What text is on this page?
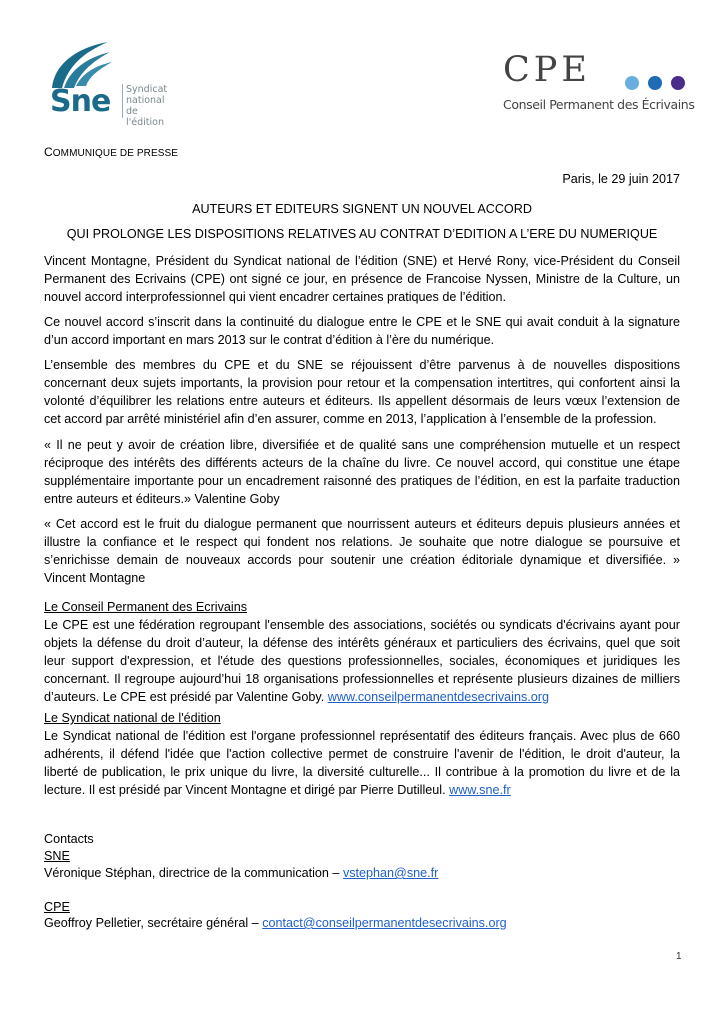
Sne Syndicat
national
de l'édition
CPE
Conseil Permanent des Écrivains
COMMUNIQUE DE PRESSE
Paris, le 29 juin 2017
AUTEURS ET EDITEURS SIGNENT UN NOUVEL ACCORD
QUI PROLONGE LES DISPOSITIONS RELATIVES AU CONTRAT D’EDITION A L’ERE DU NUMERIQUE
Vincent Montagne, Président du Syndicat national de l’édition (SNE) et Hervé Rony, vice-Président du Conseil Permanent des Ecrivains (CPE) ont signé ce jour, en présence de Francoise Nyssen, Ministre de la Culture, un nouvel accord interprofessionnel qui vient encadrer certaines pratiques de l’édition.
Ce nouvel accord s’inscrit dans la continuité du dialogue entre le CPE et le SNE qui avait conduit à la signature d’un accord important en mars 2013 sur le contrat d’édition à l’ère du numérique.
L’ensemble des membres du CPE et du SNE se réjouissent d’être parvenus à de nouvelles dispositions concernant deux sujets importants, la provision pour retour et la compensation intertitres, qui confortent ainsi la volonté d’équilibrer les relations entre auteurs et éditeurs. Ils appellent désormais de leurs vœux l’extension de cet accord par arrêté ministériel afin d’en assurer, comme en 2013, l’application à l’ensemble de la profession.
« Il ne peut y avoir de création libre, diversifiée et de qualité sans une compréhension mutuelle et un respect réciproque des intérêts des différents acteurs de la chaîne du livre. Ce nouvel accord, qui constitue une étape supplémentaire importante pour un encadrement raisonné des pratiques de l’édition, en est la parfaite traduction entre auteurs et éditeurs.» Valentine Goby
« Cet accord est le fruit du dialogue permanent que nourrissent auteurs et éditeurs depuis plusieurs années et illustre la confiance et le respect qui fondent nos relations. Je souhaite que notre dialogue se poursuive et s’enrichisse demain de nouveaux accords pour soutenir une création éditoriale dynamique et diversifiée. » Vincent Montagne
Le Conseil Permanent des Ecrivains
Le CPE est une fédération regroupant l'ensemble des associations, sociétés ou syndicats d'écrivains ayant pour objets la défense du droit d’auteur, la défense des intérêts généraux et particuliers des écrivains, quel que soit leur support d'expression, et l'étude des questions professionnelles, sociales, économiques et juridiques les concernant. Il regroupe aujourd’hui 18 organisations professionnelles et représente plusieurs dizaines de milliers d’auteurs. Le CPE est présidé par Valentine Goby. www.conseilpermanentdesecrivains.org
Le Syndicat national de l'édition
Le Syndicat national de l'édition est l'organe professionnel représentatif des éditeurs français. Avec plus de 660 adhérents, il défend l'idée que l'action collective permet de construire l'avenir de l'édition, le droit d'auteur, la liberté de publication, le prix unique du livre, la diversité culturelle... Il contribue à la promotion du livre et de la lecture. Il est présidé par Vincent Montagne et dirigé par Pierre Dutilleul. www.sne.fr
Contacts
SNE
Véronique Stéphan, directrice de la communication – vstephan@sne.fr
CPE
Geoffroy Pelletier, secrétaire général – contact@conseilpermanentdesecrivains.org
1
